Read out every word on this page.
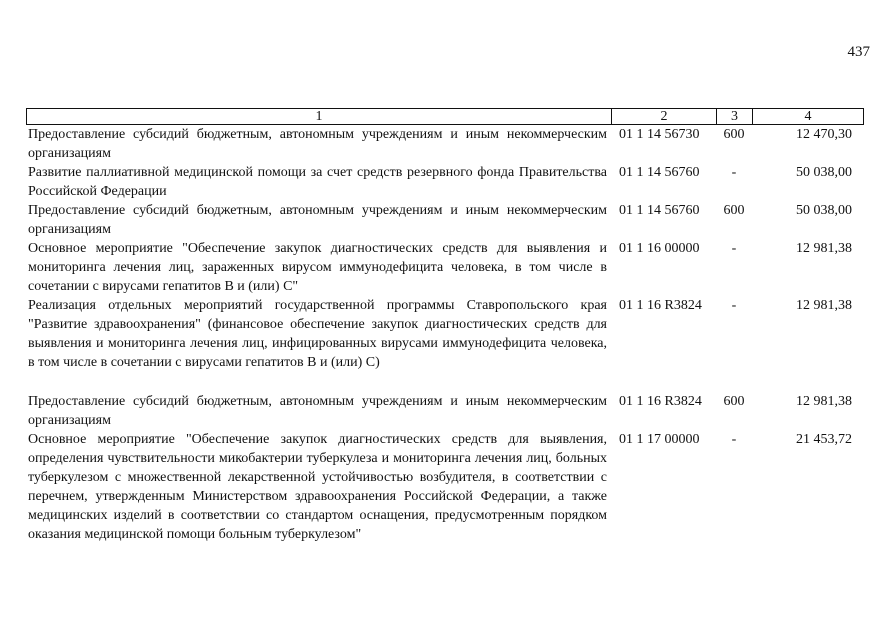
437
1	2	3	4
Предоставление субсидий бюджетным, автономным учреждениям и иным некоммерческим организациям
01 1 14 56730	600	12 470,30
Развитие паллиативной медицинской помощи за счет средств резервного фонда Правительства Российской Федерации
01 1 14 56760	-	50 038,00
Предоставление субсидий бюджетным, автономным учреждениям и иным некоммерческим организациям
01 1 14 56760	600	50 038,00
Основное мероприятие "Обеспечение закупок диагностических средств для выявления и мониторинга лечения лиц, зараженных вирусом иммунодефицита человека, в том числе в сочетании с вирусами гепатитов В и (или) С"
01 1 16 00000	-	12 981,38
Реализация отдельных мероприятий государственной программы Ставропольского края "Развитие здравоохранения" (финансовое обеспечение закупок диагностических средств для выявления и мониторинга лечения лиц, инфицированных вирусами иммунодефицита человека, в том числе в сочетании с вирусами гепатитов В и (или) С)
01 1 16 R3824	-	12 981,38
Предоставление субсидий бюджетным, автономным учреждениям и иным некоммерческим организациям
01 1 16 R3824	600	12 981,38
Основное мероприятие "Обеспечение закупок диагностических средств для выявления, определения чувствительности микобактерии туберкулеза и мониторинга лечения лиц, больных туберкулезом с множественной лекарственной устойчивостью возбудителя, в соответствии с перечнем, утвержденным Министерством здравоохранения Российской Федерации, а также медицинских изделий в соответствии со стандартом оснащения, предусмотренным порядком оказания медицинской помощи больным туберкулезом"
01 1 17 00000	-	21 453,72
